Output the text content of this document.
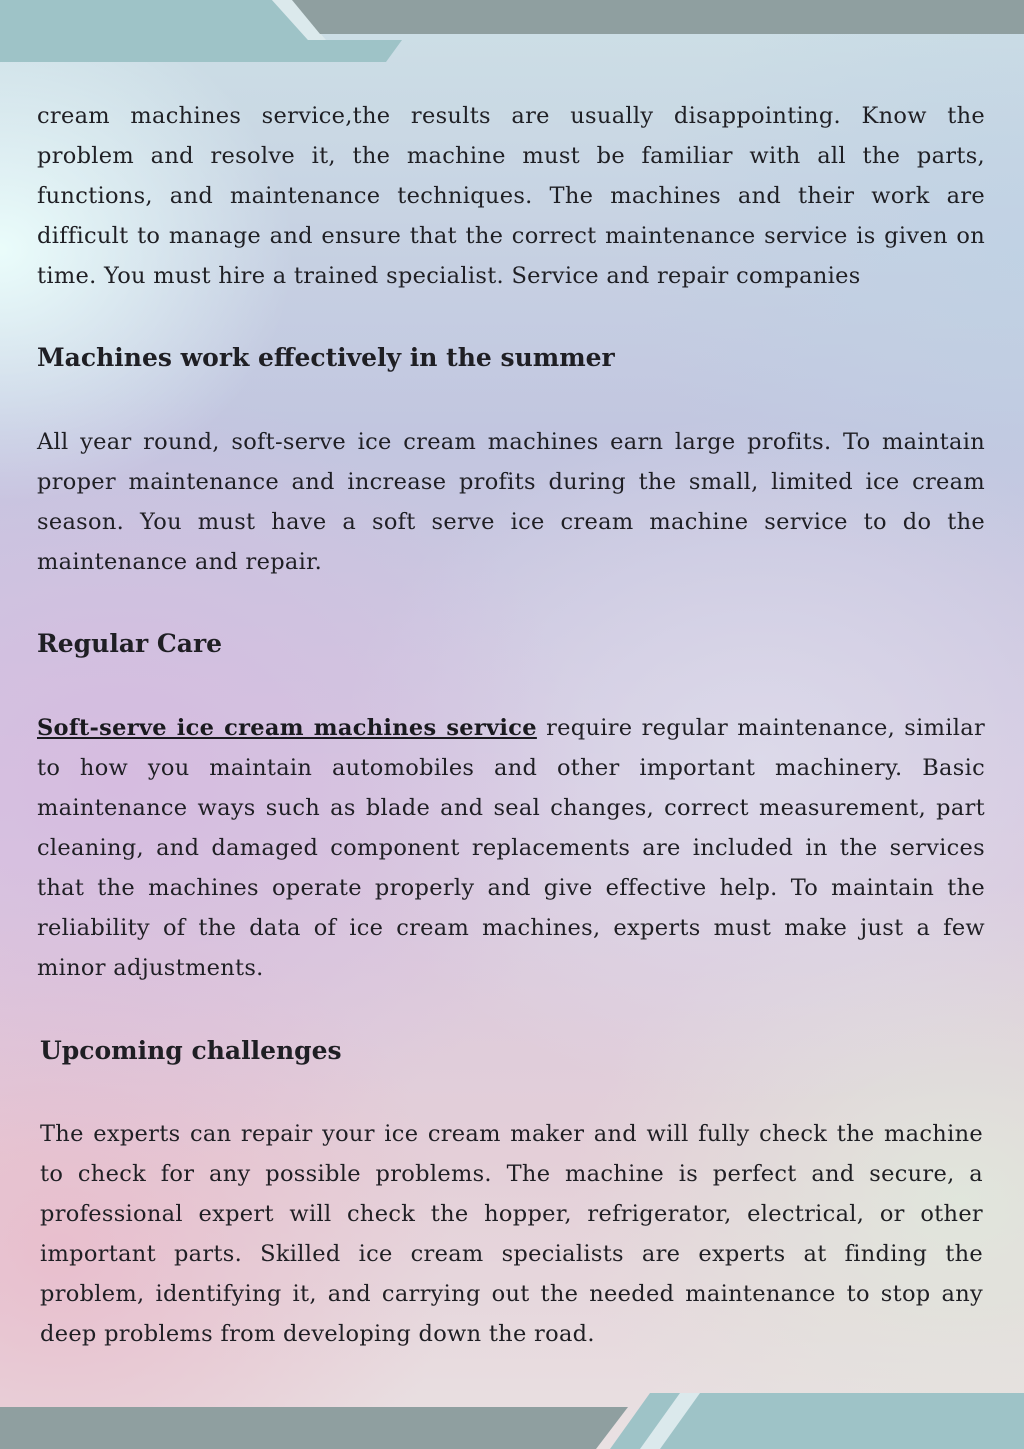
cream machines service,the results are usually disappointing. Know the problem and resolve it, the machine must be familiar with all the parts, functions, and maintenance techniques. The machines and their work are difficult to manage and ensure that the correct maintenance service is given on time. You must hire a trained specialist. Service and repair companies

Machines work effectively in the summer

All year round, soft-serve ice cream machines earn large profits. To maintain proper maintenance and increase profits during the small, limited ice cream season. You must have a soft serve ice cream machine service to do the maintenance and repair.

Regular Care

Soft-serve ice cream machines service require regular maintenance, similar to how you maintain automobiles and other important machinery. Basic maintenance ways such as blade and seal changes, correct measurement, part cleaning, and damaged component replacements are included in the services that the machines operate properly and give effective help. To maintain the reliability of the data of ice cream machines, experts must make just a few minor adjustments.

Upcoming challenges

The experts can repair your ice cream maker and will fully check the machine to check for any possible problems. The machine is perfect and secure, a professional expert will check the hopper, refrigerator, electrical, or other important parts. Skilled ice cream specialists are experts at finding the problem, identifying it, and carrying out the needed maintenance to stop any deep problems from developing down the road.
